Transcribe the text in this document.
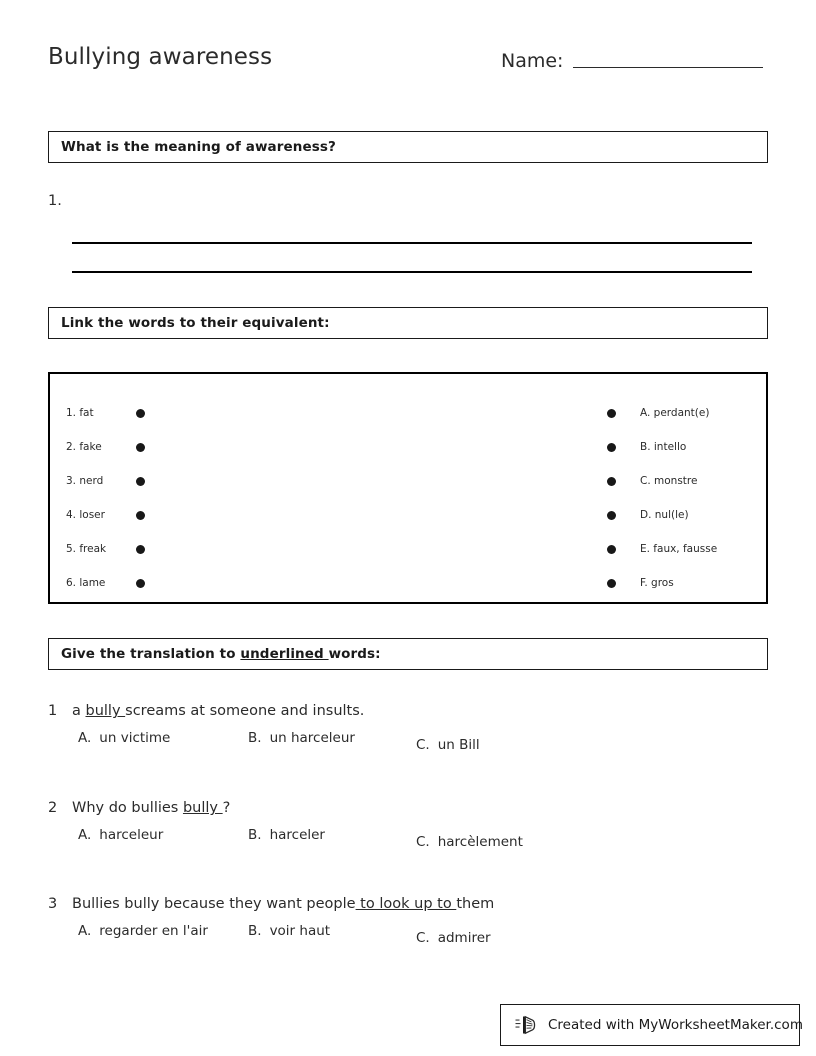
Bullying awareness	Name:
What is the meaning of awareness?
1.
Link the words to their equivalent:
1. fat
2. fake
3. nerd
4. loser
5. freak
6. lame
A. perdant(e)
B. intello
C. monstre
D. nul(le)
E. faux, fausse
F. gros
Give the translation to underlined words:
1	a bully screams at someone and insults.
A. un victime	B. un harceleur	C. un Bill
2	Why do bullies bully ?
A. harceleur	B. harceler	C. harcèlement
3	Bullies bully because they want people to look up to them
A. regarder en l'air	B. voir haut	C. admirer
Created with MyWorksheetMaker.com
